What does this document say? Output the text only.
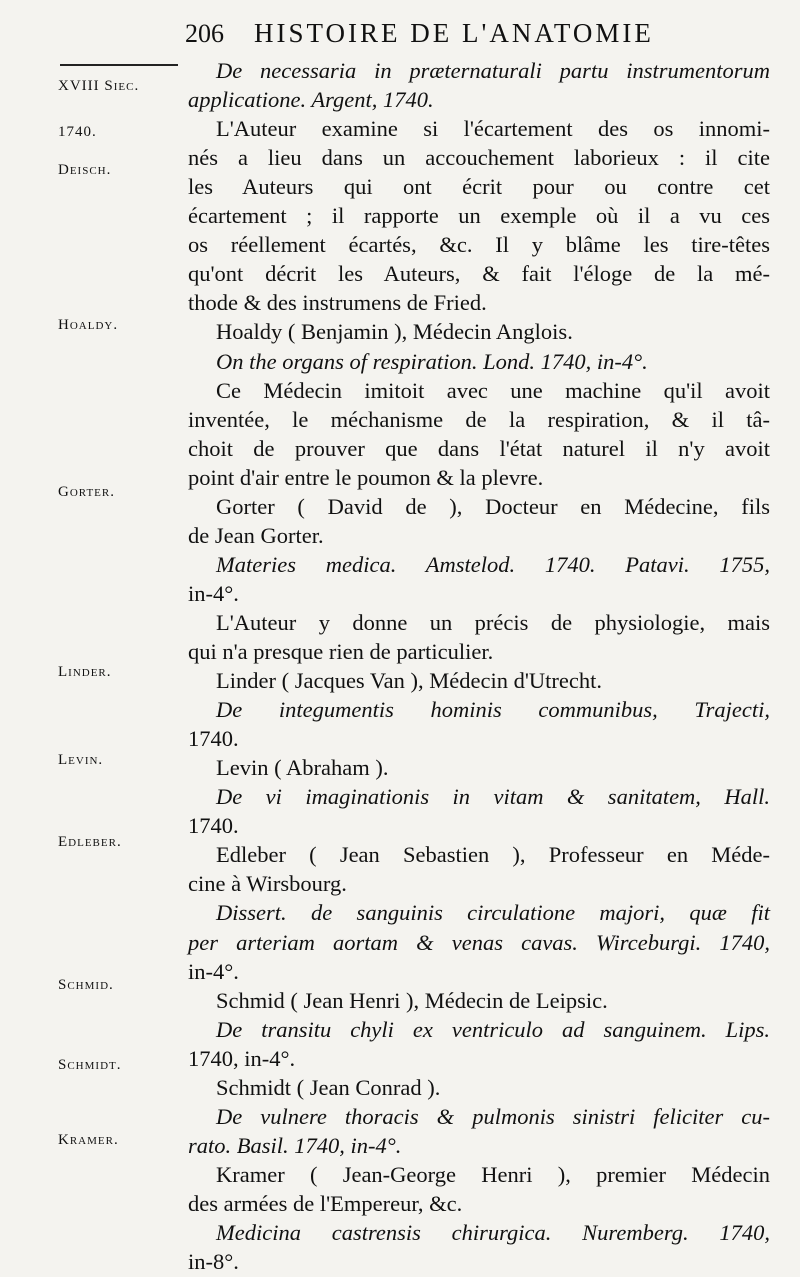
206 HISTOIRE DE L'ANATOMIE
XVIII Siec.
1740.
Deisch.
Hoaldy.
Gorter.
Linder.
Levin.
Edleber.
Schmid.
Schmidt.
Kramer.
De necessaria in præternaturali partu instrumentorum
applicatione. Argent, 1740.
L'Auteur examine si l'écartement des os innomi-
nés a lieu dans un accouchement laborieux : il cite
les Auteurs qui ont écrit pour ou contre cet
écartement ; il rapporte un exemple où il a vu ces
os réellement écartés, &c. Il y blâme les tire-têtes
qu'ont décrit les Auteurs, & fait l'éloge de la mé-
thode & des instrumens de Fried.
Hoaldy ( Benjamin ), Médecin Anglois.
On the organs of respiration. Lond. 1740, in-4°.
Ce Médecin imitoit avec une machine qu'il avoit
inventée, le méchanisme de la respiration, & il tâ-
choit de prouver que dans l'état naturel il n'y avoit
point d'air entre le poumon & la plevre.
Gorter ( David de ), Docteur en Médecine, fils
de Jean Gorter.
Materies medica. Amstelod. 1740. Patavi. 1755,
in-4°.
L'Auteur y donne un précis de physiologie, mais
qui n'a presque rien de particulier.
Linder ( Jacques Van ), Médecin d'Utrecht.
De integumentis hominis communibus, Trajecti,
1740.
Levin ( Abraham ).
De vi imaginationis in vitam & sanitatem, Hall.
1740.
Edleber ( Jean Sebastien ), Professeur en Méde-
cine à Wirsbourg.
Dissert. de sanguinis circulatione majori, quæ fit
per arteriam aortam & venas cavas. Wirceburgi. 1740,
in-4°.
Schmid ( Jean Henri ), Médecin de Leipsic.
De transitu chyli ex ventriculo ad sanguinem. Lips.
1740, in-4°.
Schmidt ( Jean Conrad ).
De vulnere thoracis & pulmonis sinistri feliciter cu-
rato. Basil. 1740, in-4°.
Kramer ( Jean-George Henri ), premier Médecin
des armées de l'Empereur, &c.
Medicina castrensis chirurgica. Nuremberg. 1740,
in-8°.
